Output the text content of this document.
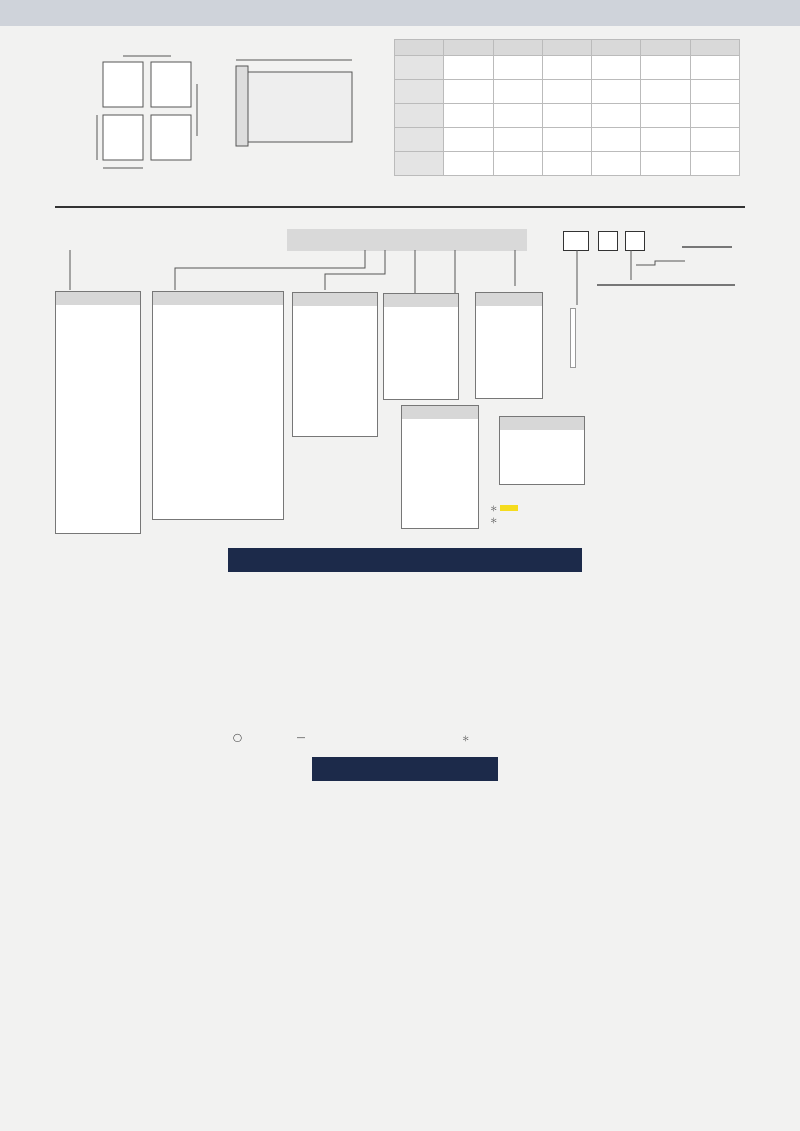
＊
＊

◯	—	＊
